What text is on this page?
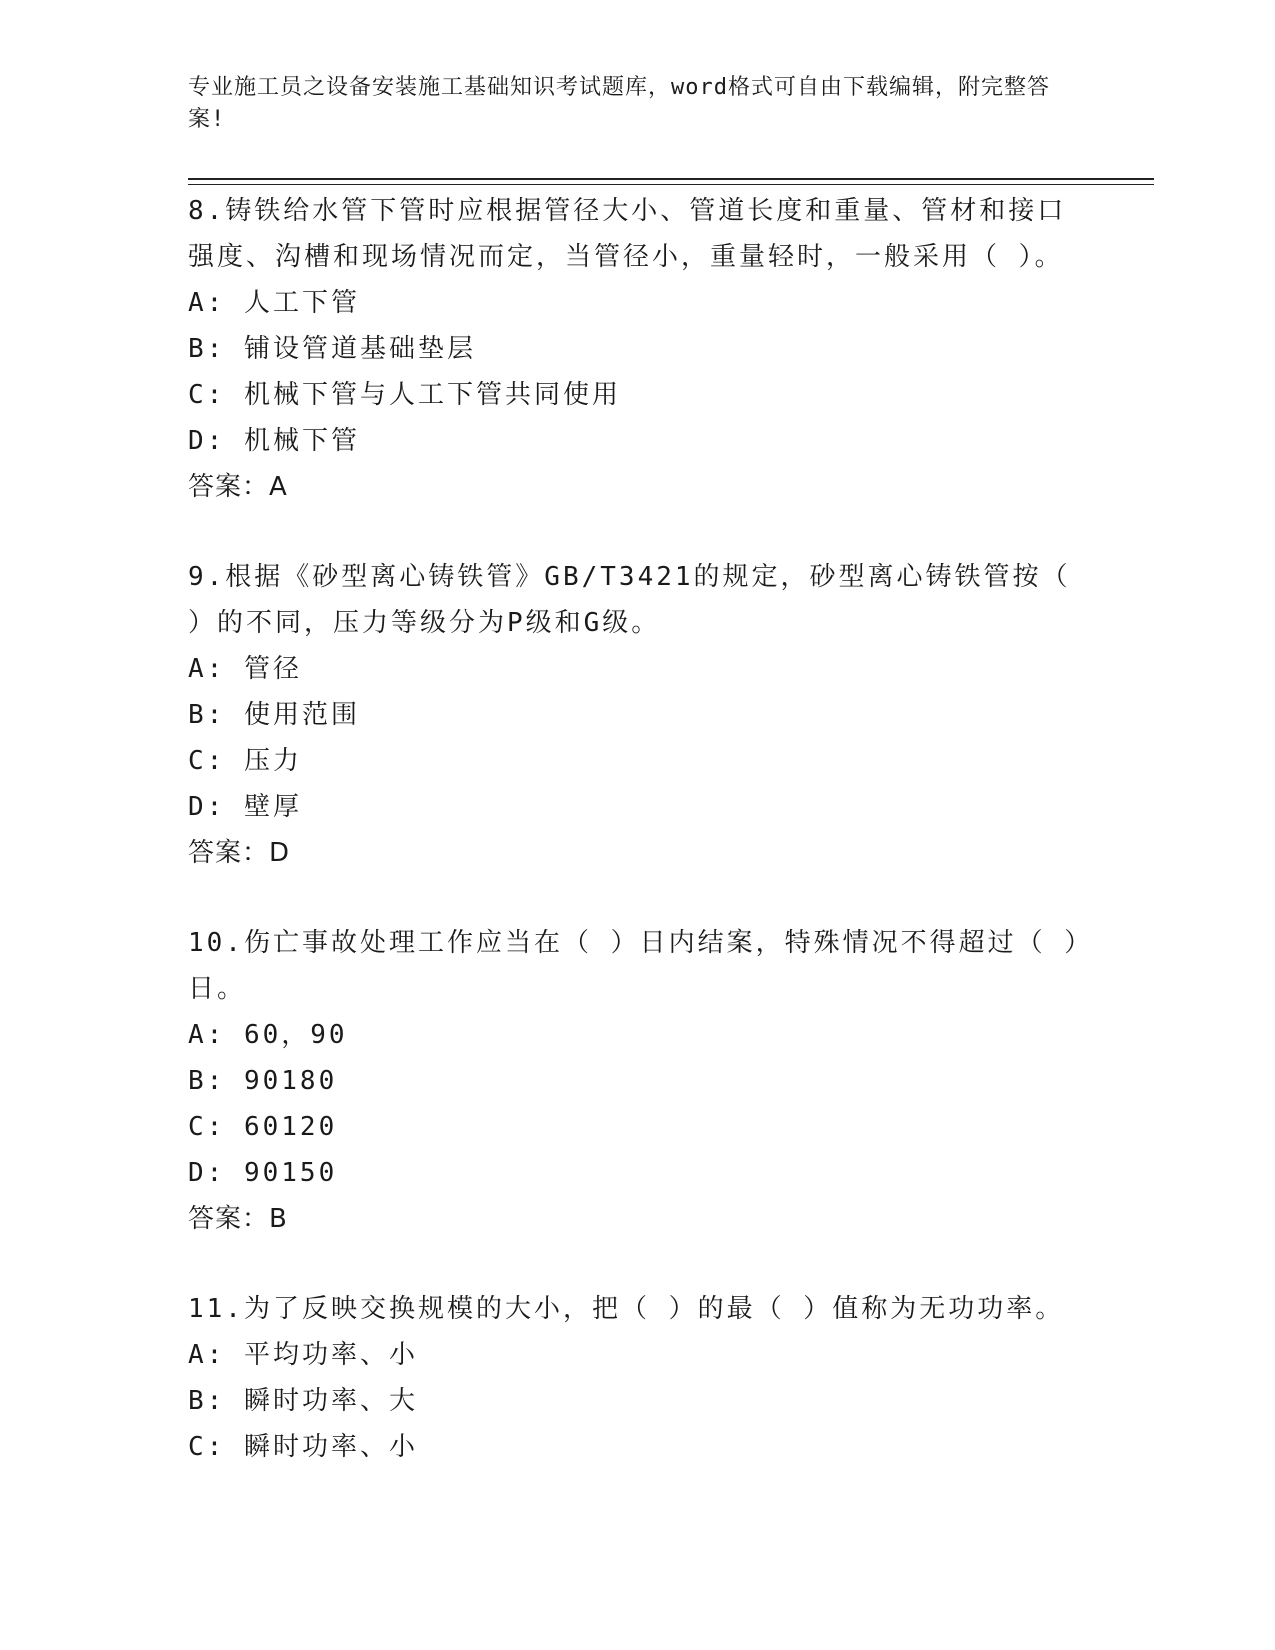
专业施工员之设备安装施工基础知识考试题库，word格式可自由下载编辑，附完整答案!

8.铸铁给水管下管时应根据管径大小、管道长度和重量、管材和接口强度、沟槽和现场情况而定，当管径小，重量轻时，一般采用（ ）。

A: 人工下管

B: 铺设管道基础垫层

C: 机械下管与人工下管共同使用

D: 机械下管

答案：A

9.根据《砂型离心铸铁管》GB/T3421的规定，砂型离心铸铁管按（ ）的不同，压力等级分为P级和G级。

A: 管径

B: 使用范围

C: 压力

D: 壁厚

答案：D

10.伤亡事故处理工作应当在（ ）日内结案，特殊情况不得超过（ ）日。

A: 60，90

B: 90180

C: 60120

D: 90150

答案：B

11.为了反映交换规模的大小，把（ ）的最（ ）值称为无功功率。

A: 平均功率、小

B: 瞬时功率、大

C: 瞬时功率、小
